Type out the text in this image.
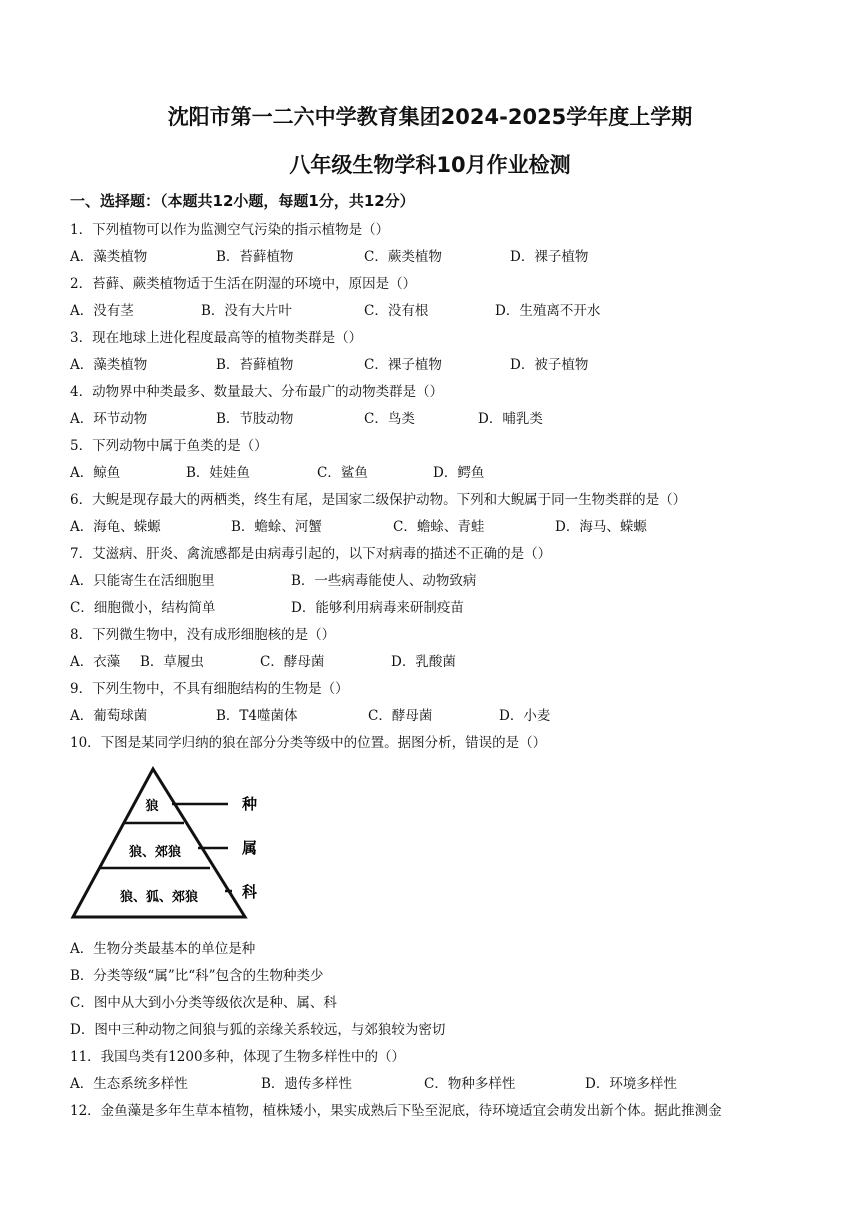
沈阳市第一二六中学教育集团2024-2025学年度上学期
八年级生物学科10月作业检测
一、选择题：（本题共12小题，每题1分，共12分）
1．下列植物可以作为监测空气污染的指示植物是（）
A．藻类植物	B．苔藓植物	C．蕨类植物	D．裸子植物
2．苔藓、蕨类植物适于生活在阴湿的环境中，原因是（）
A．没有茎	B．没有大片叶	C．没有根	D．生殖离不开水
3．现在地球上进化程度最高等的植物类群是（）
A．藻类植物	B．苔藓植物	C．裸子植物	D．被子植物
4．动物界中种类最多、数量最大、分布最广的动物类群是（）
A．环节动物	B．节肢动物	C．鸟类	D．哺乳类
5．下列动物中属于鱼类的是（）
A．鲸鱼	B．娃娃鱼	C．鲨鱼	D．鳄鱼
6．大鲵是现存最大的两栖类，终生有尾，是国家二级保护动物。下列和大鲵属于同一生物类群的是（）
A．海龟、蝾螈	B．蟾蜍、河蟹	C．蟾蜍、青蛙	D．海马、蝾螈
7．艾滋病、肝炎、禽流感都是由病毒引起的，以下对病毒的描述不正确的是（）
A．只能寄生在活细胞里	B．一些病毒能使人、动物致病
C．细胞微小，结构简单	D．能够利用病毒来研制疫苗
8．下列微生物中，没有成形细胞核的是（）
A．衣藻 B．草履虫	C．酵母菌	D．乳酸菌
9．下列生物中，不具有细胞结构的生物是（）
A．葡萄球菌	B．T4噬菌体	C．酵母菌	D．小麦
10．下图是某同学归纳的狼在部分分类等级中的位置。据图分析，错误的是（）
狼
狼、郊狼
狼、狐、郊狼
种
属
科
A．生物分类最基本的单位是种
B．分类等级“属”比“科”包含的生物种类少
C．图中从大到小分类等级依次是种、属、科
D．图中三种动物之间狼与狐的亲缘关系较远，与郊狼较为密切
11．我国鸟类有1200多种，体现了生物多样性中的（）
A．生态系统多样性	B．遗传多样性	C．物种多样性	D．环境多样性
12．金鱼藻是多年生草本植物，植株矮小，果实成熟后下坠至泥底，待环境适宜会萌发出新个体。据此推测金
